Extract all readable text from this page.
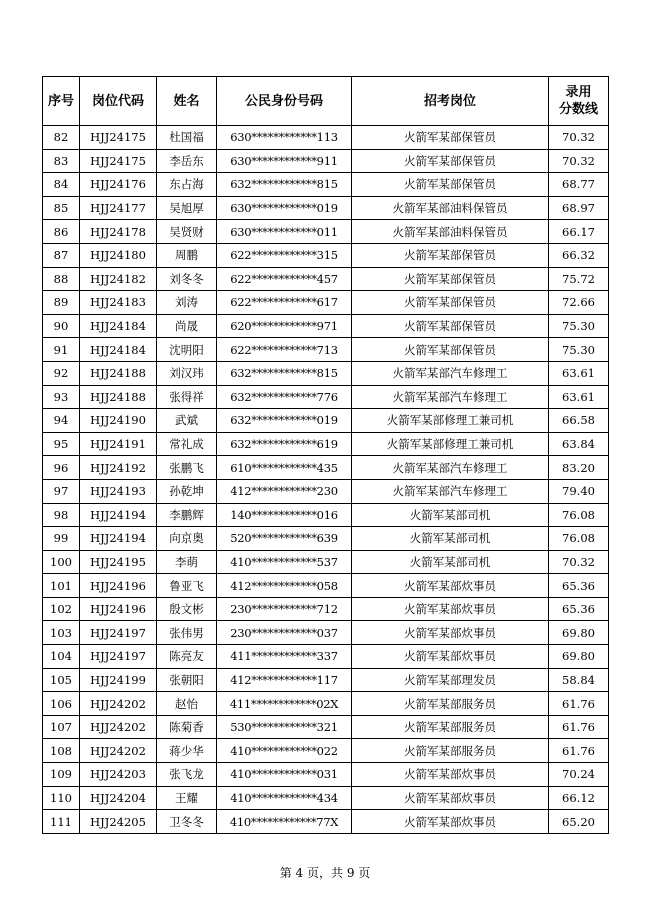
序号	岗位代码	姓名	公民身份号码	招考岗位	录用
分数线
82	HJJ24175	杜国福	630************113	火箭军某部保管员	70.32
83	HJJ24175	李岳东	630************911	火箭军某部保管员	70.32
84	HJJ24176	东占海	632************815	火箭军某部保管员	68.77
85	HJJ24177	吴旭厚	630************019	火箭军某部油料保管员	68.97
86	HJJ24178	吴贤财	630************011	火箭军某部油料保管员	66.17
87	HJJ24180	周鹏	622************315	火箭军某部保管员	66.32
88	HJJ24182	刘冬冬	622************457	火箭军某部保管员	75.72
89	HJJ24183	刘涛	622************617	火箭军某部保管员	72.66
90	HJJ24184	尚晟	620************971	火箭军某部保管员	75.30
91	HJJ24184	沈明阳	622************713	火箭军某部保管员	75.30
92	HJJ24188	刘汉玮	632************815	火箭军某部汽车修理工	63.61
93	HJJ24188	张得祥	632************776	火箭军某部汽车修理工	63.61
94	HJJ24190	武斌	632************019	火箭军某部修理工兼司机	66.58
95	HJJ24191	常礼成	632************619	火箭军某部修理工兼司机	63.84
96	HJJ24192	张鹏飞	610************435	火箭军某部汽车修理工	83.20
97	HJJ24193	孙乾坤	412************230	火箭军某部汽车修理工	79.40
98	HJJ24194	李鹏辉	140************016	火箭军某部司机	76.08
99	HJJ24194	向京奥	520************639	火箭军某部司机	76.08
100	HJJ24195	李萌	410************537	火箭军某部司机	70.32
101	HJJ24196	鲁亚飞	412************058	火箭军某部炊事员	65.36
102	HJJ24196	殷文彬	230************712	火箭军某部炊事员	65.36
103	HJJ24197	张伟男	230************037	火箭军某部炊事员	69.80
104	HJJ24197	陈亮友	411************337	火箭军某部炊事员	69.80
105	HJJ24199	张朝阳	412************117	火箭军某部理发员	58.84
106	HJJ24202	赵怡	411************02X	火箭军某部服务员	61.76
107	HJJ24202	陈菊香	530************321	火箭军某部服务员	61.76
108	HJJ24202	蒋少华	410************022	火箭军某部服务员	61.76
109	HJJ24203	张飞龙	410************031	火箭军某部炊事员	70.24
110	HJJ24204	王耀	410************434	火箭军某部炊事员	66.12
111	HJJ24205	卫冬冬	410************77X	火箭军某部炊事员	65.20
第 4 页，共 9 页
